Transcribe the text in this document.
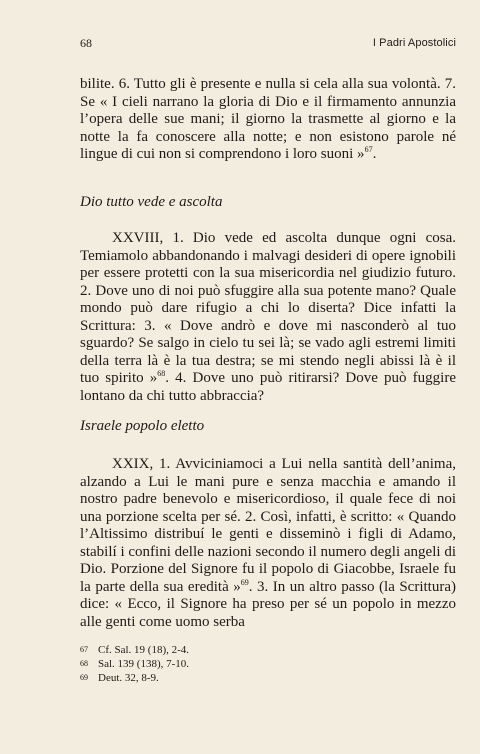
68	I Padri Apostolici

bilite. 6. Tutto gli è presente e nulla si cela alla sua volontà. 7. Se « I cieli narrano la gloria di Dio e il firmamento annunzia l’opera delle sue mani; il giorno la trasmette al giorno e la notte la fa conoscere alla notte; e non esistono parole né lingue di cui non si comprendono i loro suoni »$^{67}$.

Dio tutto vede e ascolta

XXVIII, 1. Dio vede ed ascolta dunque ogni cosa. Temiamolo abbandonando i malvagi desideri di opere ignobili per essere protetti con la sua misericordia nel giudizio futuro. 2. Dove uno di noi può sfuggire alla sua potente mano? Quale mondo può dare rifugio a chi lo diserta? Dice infatti la Scrittura: 3. « Dove andrò e dove mi nasconderò al tuo sguardo? Se salgo in cielo tu sei là; se vado agli estremi limiti della terra là è la tua destra; se mi stendo negli abissi là è il tuo spirito »$^{68}$. 4. Dove uno può ritirarsi? Dove può fuggire lontano da chi tutto abbraccia?

Israele popolo eletto

XXIX, 1. Avviciniamoci a Lui nella santità dell’anima, alzando a Lui le mani pure e senza macchia e amando il nostro padre benevolo e misericordioso, il quale fece di noi una porzione scelta per sé. 2. Così, infatti, è scritto: « Quando l’Altissimo distribuí le genti e disseminò i figli di Adamo, stabilí i confini delle nazioni secondo il numero degli angeli di Dio. Porzione del Signore fu il popolo di Giacobbe, Israele fu la parte della sua eredità »$^{69}$. 3. In un altro passo (la Scrittura) dice: « Ecco, il Signore ha preso per sé un popolo in mezzo alle genti come uomo serba

67 Cf. Sal. 19 (18), 2-4.
68 Sal. 139 (138), 7-10.
69 Deut. 32, 8-9.
